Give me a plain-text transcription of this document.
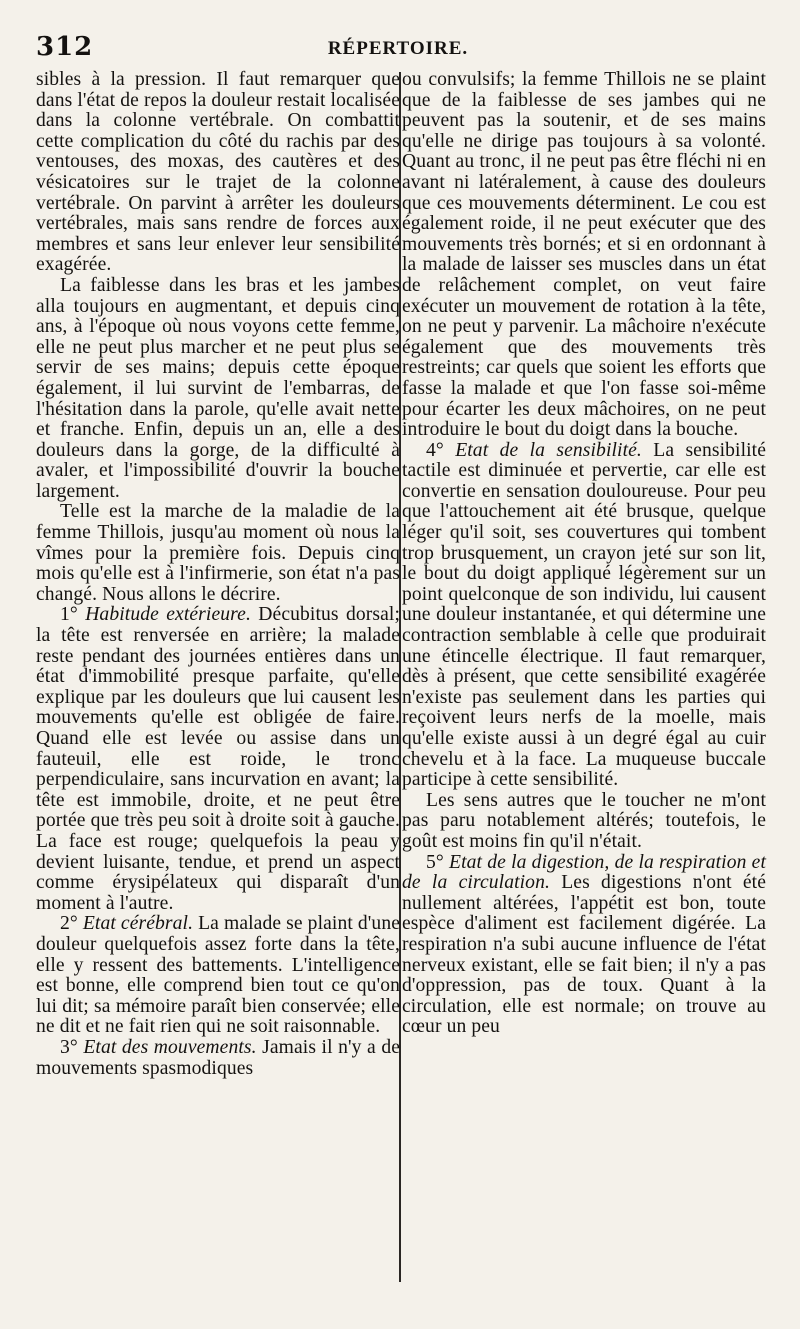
312	RÉPERTOIRE.

sibles à la pression. Il faut remarquer que dans l'état de repos la douleur restait localisée dans la colonne vertébrale. On combattit cette complication du côté du rachis par des ventouses, des moxas, des cautères et des vésicatoires sur le trajet de la colonne vertébrale. On parvint à arrêter les douleurs vertébrales, mais sans rendre de forces aux membres et sans leur enlever leur sensibilité exagérée.

La faiblesse dans les bras et les jambes alla toujours en augmentant, et depuis cinq ans, à l'époque où nous voyons cette femme, elle ne peut plus marcher et ne peut plus se servir de ses mains; depuis cette époque également, il lui survint de l'embarras, de l'hésitation dans la parole, qu'elle avait nette et franche. Enfin, depuis un an, elle a des douleurs dans la gorge, de la difficulté à avaler, et l'impossibilité d'ouvrir la bouche largement.

Telle est la marche de la maladie de la femme Thillois, jusqu'au moment où nous la vîmes pour la première fois. Depuis cinq mois qu'elle est à l'infirmerie, son état n'a pas changé. Nous allons le décrire.

1° Habitude extérieure. Décubitus dorsal; la tête est renversée en arrière; la malade reste pendant des journées entières dans un état d'immobilité presque parfaite, qu'elle explique par les douleurs que lui causent les mouvements qu'elle est obligée de faire. Quand elle est levée ou assise dans un fauteuil, elle est roide, le tronc perpendiculaire, sans incurvation en avant; la tête est immobile, droite, et ne peut être portée que très peu soit à droite soit à gauche. La face est rouge; quelquefois la peau y devient luisante, tendue, et prend un aspect comme érysipélateux qui disparaît d'un moment à l'autre.

2° Etat cérébral. La malade se plaint d'une douleur quelquefois assez forte dans la tête, elle y ressent des battements. L'intelligence est bonne, elle comprend bien tout ce qu'on lui dit; sa mémoire paraît bien conservée; elle ne dit et ne fait rien qui ne soit raisonnable.

3° Etat des mouvements. Jamais il n'y a de mouvements spasmodiques

ou convulsifs; la femme Thillois ne se plaint que de la faiblesse de ses jambes qui ne peuvent pas la soutenir, et de ses mains qu'elle ne dirige pas toujours à sa volonté. Quant au tronc, il ne peut pas être fléchi ni en avant ni latéralement, à cause des douleurs que ces mouvements déterminent. Le cou est également roide, il ne peut exécuter que des mouvements très bornés; et si en ordonnant à la malade de laisser ses muscles dans un état de relâchement complet, on veut faire exécuter un mouvement de rotation à la tête, on ne peut y parvenir. La mâchoire n'exécute également que des mouvements très restreints; car quels que soient les efforts que fasse la malade et que l'on fasse soi-même pour écarter les deux mâchoires, on ne peut introduire le bout du doigt dans la bouche.

4° Etat de la sensibilité. La sensibilité tactile est diminuée et pervertie, car elle est convertie en sensation douloureuse. Pour peu que l'attouchement ait été brusque, quelque léger qu'il soit, ses couvertures qui tombent trop brusquement, un crayon jeté sur son lit, le bout du doigt appliqué légèrement sur un point quelconque de son individu, lui causent une douleur instantanée, et qui détermine une contraction semblable à celle que produirait une étincelle électrique. Il faut remarquer, dès à présent, que cette sensibilité exagérée n'existe pas seulement dans les parties qui reçoivent leurs nerfs de la moelle, mais qu'elle existe aussi à un degré égal au cuir chevelu et à la face. La muqueuse buccale participe à cette sensibilité.

Les sens autres que le toucher ne m'ont pas paru notablement altérés; toutefois, le goût est moins fin qu'il n'était.

5° Etat de la digestion, de la respiration et de la circulation. Les digestions n'ont été nullement altérées, l'appétit est bon, toute espèce d'aliment est facilement digérée. La respiration n'a subi aucune influence de l'état nerveux existant, elle se fait bien; il n'y a pas d'oppression, pas de toux. Quant à la circulation, elle est normale; on trouve au cœur un peu
